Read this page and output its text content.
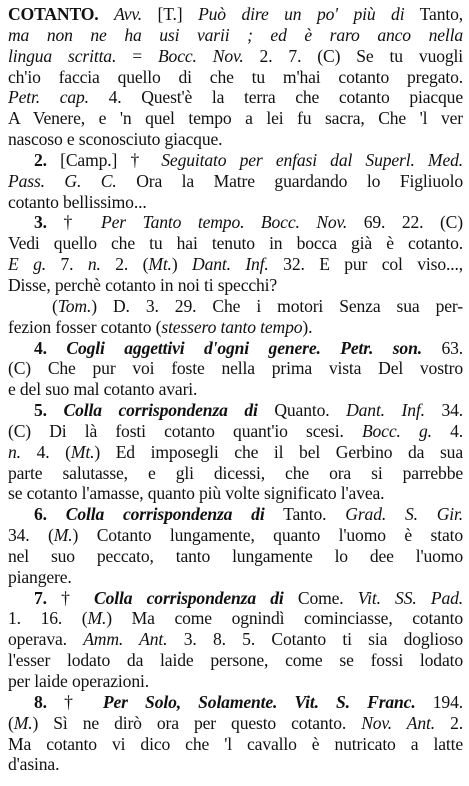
COTANTO. Avv. [T.] Può dire un po' più di Tanto,
ma non ne ha usi varii ; ed è raro anco nella
lingua scritta. = Bocc. Nov. 2. 7. (C) Se tu vuogli
ch'io faccia quello di che tu m'hai cotanto pregato.
Petr. cap. 4. Quest'è la terra che cotanto piacque
A Venere, e 'n quel tempo a lei fu sacra, Che 'l ver
nascoso e sconosciuto giacque.
2. [Camp.] † Seguitato per enfasi dal Superl. Med.
Pass. G. C. Ora la Matre guardando lo Figliuolo
cotanto bellissimo...
3. † Per Tanto tempo. Bocc. Nov. 69. 22. (C)
Vedi quello che tu hai tenuto in bocca già è cotanto.
E g. 7. n. 2. (Mt.) Dant. Inf. 32. E pur col viso...,
Disse, perchè cotanto in noi ti specchi?
(Tom.) D. 3. 29. Che i motori Senza sua per-
fezion fosser cotanto (stessero tanto tempo).
4. Cogli aggettivi d'ogni genere. Petr. son. 63.
(C) Che pur voi foste nella prima vista Del vostro
e del suo mal cotanto avari.
5. Colla corrispondenza di Quanto. Dant. Inf. 34.
(C) Di là fosti cotanto quant'io scesi. Bocc. g. 4.
n. 4. (Mt.) Ed imposegli che il bel Gerbino da sua
parte salutasse, e gli dicessi, che ora si parrebbe
se cotanto l'amasse, quanto più volte significato l'avea.
6. Colla corrispondenza di Tanto. Grad. S. Gir.
34. (M.) Cotanto lungamente, quanto l'uomo è stato
nel suo peccato, tanto lungamente lo dee l'uomo
piangere.
7. † Colla corrispondenza di Come. Vit. SS. Pad.
1. 16. (M.) Ma come ognindì cominciasse, cotanto
operava. Amm. Ant. 3. 8. 5. Cotanto ti sia doglioso
l'esser lodato da laide persone, come se fossi lodato
per laide operazioni.
8. † Per Solo, Solamente. Vit. S. Franc. 194.
(M.) Sì ne dirò ora per questo cotanto. Nov. Ant. 2.
Ma cotanto vi dico che 'l cavallo è nutricato a latte
d'asina.
